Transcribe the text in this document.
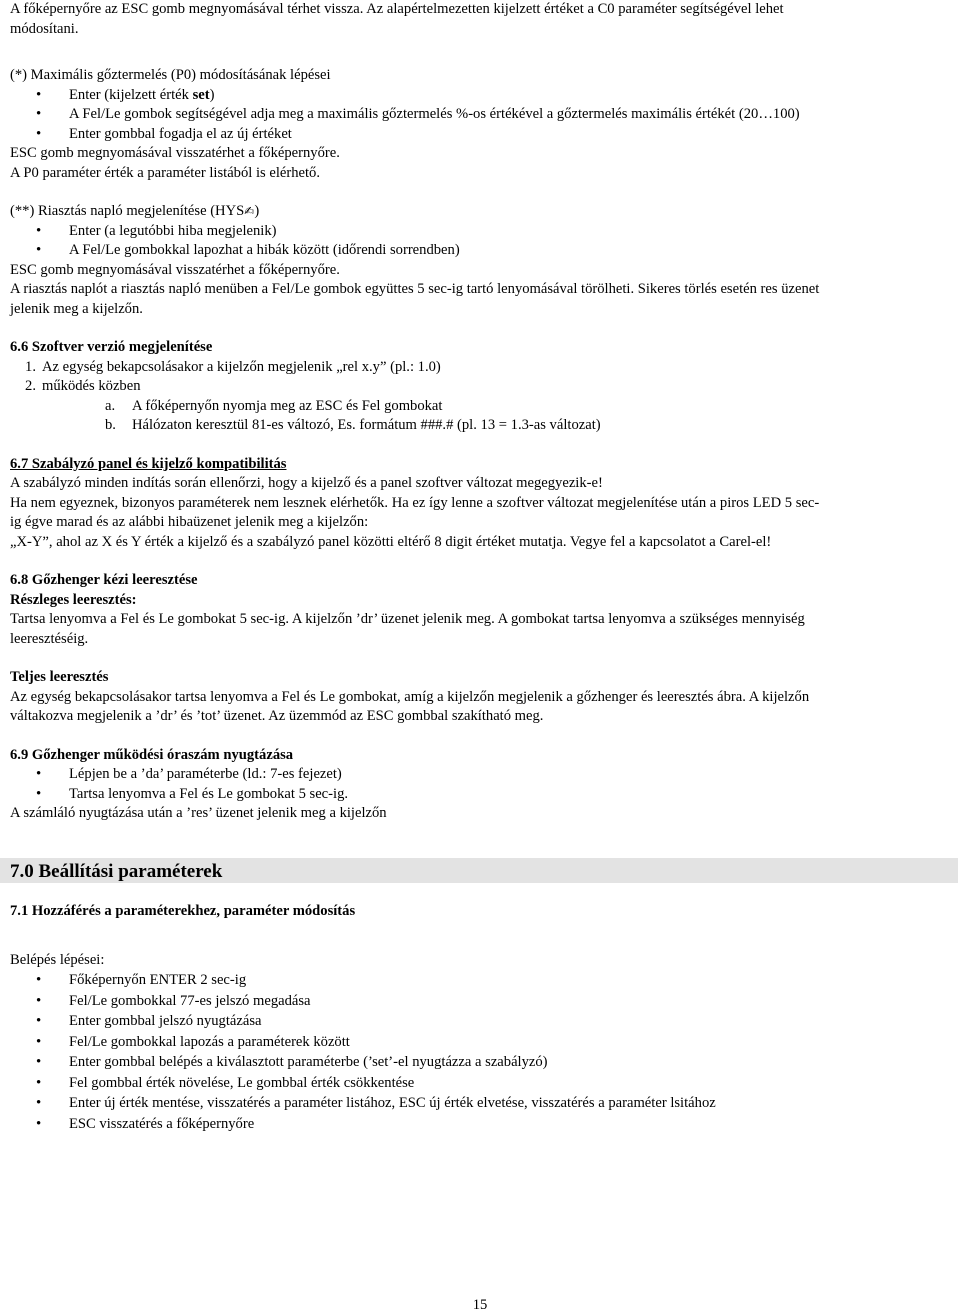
A főképernyőre az ESC gomb megnyomásával térhet vissza. Az alapértelmezetten kijelzett értéket a C0 paraméter segítségével lehet

módosítani.

(*) Maximális gőztermelés (P0) módosításának lépései

• Enter (kijelzett érték set)
• A Fel/Le gombok segítségével adja meg a maximális gőztermelés %-os értékével a gőztermelés maximális értékét (20…100)
• Enter gombbal fogadja el az új értéket

ESC gomb megnyomásával visszatérhet a főképernyőre.

A P0 paraméter érték a paraméter listából is elérhető.

(**) Riasztás napló megjelenítése (HYS✍)

• Enter (a legutóbbi hiba megjelenik)
• A Fel/Le gombokkal lapozhat a hibák között (időrendi sorrendben)

ESC gomb megnyomásával visszatérhet a főképernyőre.

A riasztás naplót a riasztás napló menüben a Fel/Le gombok együttes 5 sec-ig tartó lenyomásával törölheti. Sikeres törlés esetén res üzenet

jelenik meg a kijelzőn.

6.6 Szoftver verzió megjelenítése

1. Az egység bekapcsolásakor a kijelzőn megjelenik „rel x.y” (pl.: 1.0)
2. működés közben
a. A főképernyőn nyomja meg az ESC és Fel gombokat
b. Hálózaton keresztül 81-es változó, Es. formátum ###.# (pl. 13 = 1.3-as változat)

6.7 Szabályzó panel és kijelző kompatibilitás

A szabályzó minden indítás során ellenőrzi, hogy a kijelző és a panel szoftver változat megegyezik-e!

Ha nem egyeznek, bizonyos paraméterek nem lesznek elérhetők. Ha ez így lenne a szoftver változat megjelenítése után a piros LED 5 sec-

ig égve marad és az alábbi hibaüzenet jelenik meg a kijelzőn:

„X-Y”, ahol az X és Y érték a kijelző és a szabályzó panel közötti eltérő 8 digit értéket mutatja. Vegye fel a kapcsolatot a Carel-el!

6.8 Gőzhenger kézi leeresztése

Részleges leeresztés:

Tartsa lenyomva a Fel és Le gombokat 5 sec-ig. A kijelzőn ’dr’ üzenet jelenik meg. A gombokat tartsa lenyomva a szükséges mennyiség

leeresztéséig.

Teljes leeresztés

Az egység bekapcsolásakor tartsa lenyomva a Fel és Le gombokat, amíg a kijelzőn megjelenik a gőzhenger és leeresztés ábra. A kijelzőn

váltakozva megjelenik a ’dr’ és ’tot’ üzenet. Az üzemmód az ESC gombbal szakítható meg.

6.9 Gőzhenger működési óraszám nyugtázása

• Lépjen be a ’da’ paraméterbe (ld.: 7-es fejezet)
• Tartsa lenyomva a Fel és Le gombokat 5 sec-ig.

A számláló nyugtázása után a ’res’ üzenet jelenik meg a kijelzőn

7.1 Hozzáférés a paraméterekhez, paraméter módosítás

Belépés lépései:

• Főképernyőn ENTER 2 sec-ig
• Fel/Le gombokkal 77-es jelszó megadása
• Enter gombbal jelszó nyugtázása
• Fel/Le gombokkal lapozás a paraméterek között
• Enter gombbal belépés a kiválasztott paraméterbe (’set’-el nyugtázza a szabályzó)
• Fel gombbal érték növelése, Le gombbal érték csökkentése
• Enter új érték mentése, visszatérés a paraméter listához, ESC új érték elvetése, visszatérés a paraméter lsitához
• ESC visszatérés a főképernyőre
7.0 Beállítási paraméterek
15
